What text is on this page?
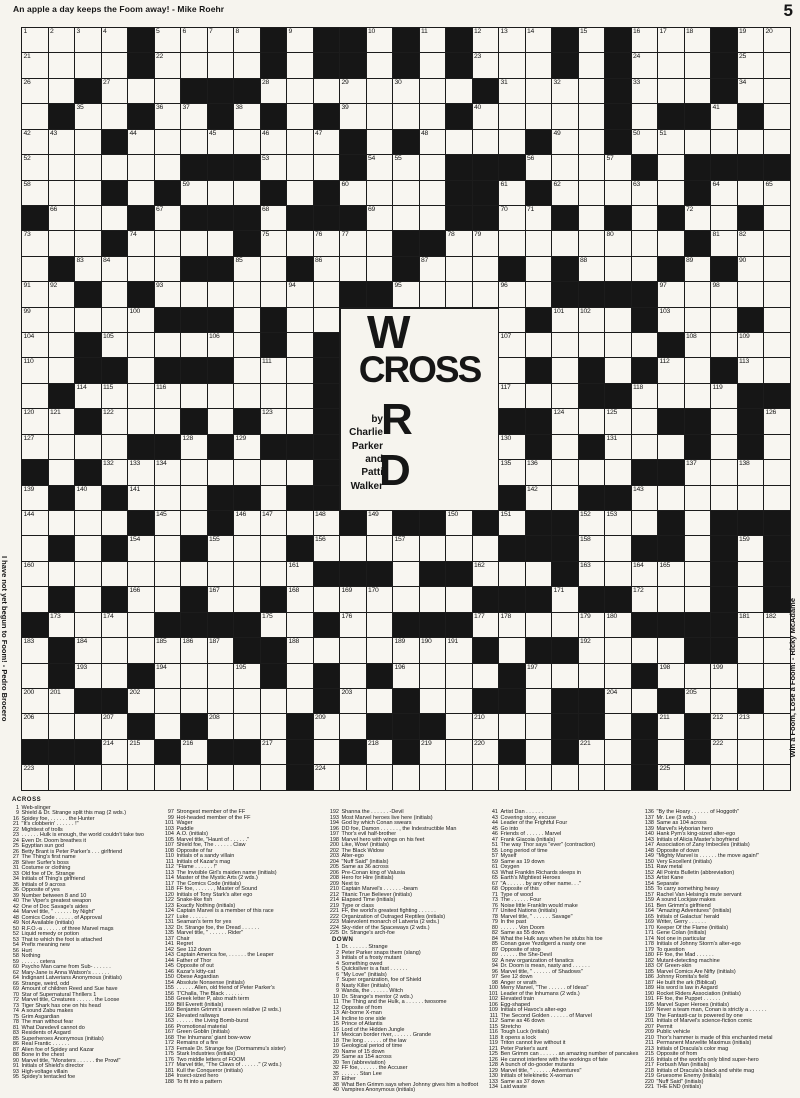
An apple a day keeps the Foom away! - Mike Roehr	5
W
CROSS
R
D
by
Charlie
Parker
and
Patti
Walker
1	2	3	4	5	6	7	8	9	10	11	12	13	14	15	16	17	18	19	20
21	22	23	24	25
26	27	28	29	30	31	32	33	34
35	36	37	38	39	40	41
42	43	44	45	46	47	48	49	50	51
52	53	54	55	56	57
58	59	60	61	62	63	64	65
66	67	68	69	70	71	72
73	74	75	76	77	78	79	80	81	82
83	84	85	86	87	88	89	90
91	92	93	94	95	96	97	98
99	100	101 102	103
104	105	106	107	108	109
110	111	112	113
114 115	116	117	118	119
120 121	122	123	124	125	126
127	128	129	130	131
132 133 134	135 136	137	138
139	140	141	142	143
144	145	146 147	148	149	150	151	152 153
154	155	156	157	158	159
160	161	162	163	164 165
166	167	168	169 170	171	172
173	174	175	176	177 178	179 180	181 182
183	184	185 186 187	188	189 190 191	192
193	194	195	196	197	198	199
200 201	202	203	204	205
206	207	208	209	210	211	212 213
214 215	216	217	218	219	220	221	222
223	224	225
I have not yet begun to Foom! - Pedro Brocero	Win a Foom, Lose a Foom! - Ricky McAdame
ACROSS
1 Web-slinger
9 Shield & Dr. Strange split this mag (2 wds.)
16 Spidey foe, . . . . . . the Hunter
21 "It's clobberin' . . . . . . !"
22 Mightiest of trolls
23 . . . . . . Hulk is enough, the world couldn't take two
24 Even Dr. Doom breathes it
25 Egyptian sun god
26 Betty Brant is Peter Parker's . . . girlfriend
27 The Thing's first name
28 Silver Surfer's boss
31 Costume or clothing
33 Old foe of Dr. Strange
34 Initials of Thing's girlfriend
35 Initials of 9 across
36 Opposite of yes
39 Number between 8 and 10
40 The Viper's greatest weapon
42 One of Doc Savage's aides
44 Marvel title, " . . . . . . by Night"
48 Comics Code . . . . . . of Approval
49 Not Available (initials)
50 R.F.O.-a . . . . . . of three Marvel mags
52 Liquid remedy or potion
53 That to which the foot is attached
54 Prefix meaning new
56 Hurt
58 Nothing
59 . . . . . . cetera
60 Psycho Man came from Sub- . . . . . .
62 Mary-Jane is Anna Watson's . . . . . .
64 Indignant Latverians Anonymous (initials)
66 Strange, weird, odd
69 Amount of children Reed and Sue have
70 Star of Supernatural Thrillers 1
72 Marvel title, Creatures . . . . . . the Loose
73 Tiger Shark has one on his head
74 A sound Zabu makes
75 Grim Asgardian
78 The man without fear
81 What Daredevil cannot do
83 Residents of Asgard
85 Superheroes Anonymous (initials)
86 Real Frantic . . . . . .
87 Alien foe of Spidey and Kazar
88 Bone in the chest
90 Marvel title, "Monsters . . . . . . the Prowl"
91 Initials of Shield's director
93 High-voltage villain
95 Spidey's tentacled foe
97 Strongest member of the FF
99 Hot-headed member of the FF
101 Wager
103 Paddle
104 A.O. (initials)
105 Marvel title, "Haunt of . . . . . ."
107 Shield foe, The . . . . . . Claw
108 Opposite of far
110 Initials of a sandy villain
111 Initials of Kazar's mag
112 "Flame . . . . . . !"
113 The Invisible Girl's maiden name (initials)
114 Master of the Mystic Arts (2 wds.)
117 The Comics Code (initials)
118 FF foe, . . . . . . , Master of Sound
120 Initials of Tony Stark's alter ego
122 Snake-like fish
123 Exactly Nothing (initials)
124 Captain Marvel is a member of this race
127 Luke . . . . . .
131 Seaman's term for yes
132 Dr. Strange foe, the Dread . . . . . .
135 Marvel title, " . . . . . . Rider"
137 Chair
141 Regret
142 See 112 down
143 Captain America foe, . . . . . . the Leaper
144 Father of Thor
145 Opposite of out
146 Kazar's kitty-cat
150 Obese Asgardian
154 Absolute Nonsense (initials)
155 . . . . . . Allen, old friend of Peter Parker's
156 T'Challa, The Black . . . . . .
158 Greek letter P, also math term
159 Bill Everett (initials)
160 Benjamin Grimm's unseen relative (2 wds.)
162 Elevated railways
163 . . . . . . the Living Bomb-burst
166 Promotional material
167 Green Goblin (initials)
168 The Inhumans' giant bow-wow
172 Remains of a fire
173 Female Dr. Strange foe (Dormammu's sister)
175 Stark Industries (initials)
176 Two middle letters of FOOM
177 Marvel title, "The Claws of . . . . . ." (2 wds.)
181 Kull the Conqueror (initials)
184 Insect-sized hero
188 To fit into a pattern
192 Shanna the . . . . . . -Devil
193 Most Marvel heroes live here (initials)
194 God by which Conan swears
196 DD foe, Damon . . . . . . , the Indestructible Man
197 Thor's evil half-brother
198 Marvel hero with wings on his feet
200 Like, Wow! (initials)
202 The Black Widow
203 Alter-ego
204 "Nuff Said" (initials)
205 Same as 36 across
206 Pre-Conan king of Valusia
208 Hero for Hire (initials)
209 Next to
210 Captain Marvel's . . . . . . -beam
212 Titanic True Believer (initials)
214 Elapsed Time (initials)
219 Type or class
221 FF, the world's greatest fighting . . . . . .
222 Organization of Outraged Reptiles (initials)
223 Malevolent monarch of Latveria (2 wds.)
224 Sky-rider of the Spaceways (2 wds.)
225 Dr. Strange's arch-foe
DOWN
1 Dr. . . . . . . Strange
2 Peter Parker snaps them (slang)
3 Initials of a frosty mutant
4 Something owed
5 Quicksilver is a fast . . . . . .
6 "My Love" (initials)
7 Super organization, foe of Shield
8 Nasty Killer (initials)
9 Wanda, the . . . . . . Witch
10 Dr. Strange's mentor (2 wds.)
11 The Thing and the Hulk, a . . . . . . twosome
12 Opposite of from
13 Air-borne X-man
14 Incline to one side
15 Prince of Atlantis
16 Lord of the Hidden Jungle
17 Mexican border river, . . . . . . Grande
18 The long . . . . . . of the law
19 Geological period of time
20 Name of 15 down
29 Same as 154 across
30 Ten (abbreviation)
32 FF foe, . . . . . . the Accuser
35 . . . . . . Stan Lee
37 Either
38 What Ben Grimm says when Johnny gives him a hotfoot
40 Vampires Anonymous (initials)
41 Artist Dan . . . . . .
43 Covering story, excuse
44 Leader of the Frightful Four
45 Go into
46 Friends of . . . . . . Marvel
47 Frank Giacoia (initials)
51 The way Thor says "ever" (contraction)
55 Long period of time
57 Myself
59 Same as 19 down
61 Oxygen
63 What Franklin Richards sleeps in
65 Earth's Mightiest Heroes
67 "A . . . . . . by any other name. . ."
68 Opposite of this
71 Type of wood
73 The . . . . . . Four
76 Noise little Franklin would make
77 United Nations (initials)
78 Marvel title, " . . . . . . Savage"
79 In the past
80 . . . . . . Von Doom
82 Same as 55 down
84 What the Hulk says when he stubs his toe
85 Conan gave Yezdigerd a nasty one
87 Opposite of stop
89 . . . . . . the She-Devil
92 A new organization of fanatics
94 Dr. Doom is mean, nasty and . . . . . .
96 Marvel title, " . . . . . . of Shadows"
97 See 12 down
98 Anger or wrath
100 Merry Marvel, "The . . . . . . of Ideas"
101 Leader of the Inhumans (2 wds.)
102 Elevated train
106 Egg-shaped
109 Initials of Havoc's alter-ego
111 The Second Golden . . . . . . of Marvel
112 Same as 46 down
115 Stretcho
116 Tough Luck (initials)
118 It opens a lock
119 Triton cannot live without it
121 Peter Parker's aunt
125 Ben Grimm can . . . . . . an amazing number of pancakes
126 He cannot interfere with the workings of fate
128 A bunch of do-gooder mutants
129 Marvel title, " . . . . . . Adventures"
130 Initials of telekinetic X-woman
133 Same as 37 down
134 Laid waste
136 "By the Hoary . . . . . . of Hoggoth"
137 Mr. Lee (3 wds.)
138 Same as 104 across
139 Marvel's Hyborian hero
140 Hank Pym's king-sized alter-ego
143 Initials of Alicia Master's boyfriend
147 Association of Zany Imbeciles (initials)
148 Opposite of down
149 "Mighty Marvel is . . . . . . the move again!"
150 Very Excellent (initials)
151 Raw metal
152 All Points Bulletin (abbreviation)
153 Artist Kane
154 Separate
155 To carry something heavy
157 Rachel Van Helsing's mute servant
159 A sound Lockjaw makes
161 Ben Grimm's girlfriend
164 "Amazing Adventures" (initials)
165 Initials of Galactus' herald
169 Writer, Gerry . . . . . .
170 Keeper Of the Flame (initials)
171 Gene Colan (initials)
174 Not one in particular
178 Initials of Johnny Storm's alter-ego
179 To question
180 FF foe, the Mad . . . . . .
182 Mutant-detecting machine
183 Ol' Green-skin
185 Marvel Comics Are Nifty (initials)
186 Johnny Romita's field
187 He built the ark (Biblical)
189 His word is law in Asgard
190 Rocket Riders Association (initials)
191 FF foe, the Puppet . . . . . .
195 Marvel Super Heroes (initials)
197 Never a team man, Conan is strictly a . . . . . .
199 The Fantasti-car is powered by one
201 Initials of Marvel's science-fiction comic
207 Permit
209 Public vehicle
210 Thor's hammer is made of this enchanted metal
211 Permanent Marvelite Maximus (initials)
213 Initials of Dracula's color mag
215 Opposite of from
216 Initials of the world's only blind super-hero
217 Forbush Man (initials)
218 Initials of Dracula's black and white mag
219 Gruesome Enemy (initials)
220 "Nuff Said" (initials)
221 THE END (initials)
